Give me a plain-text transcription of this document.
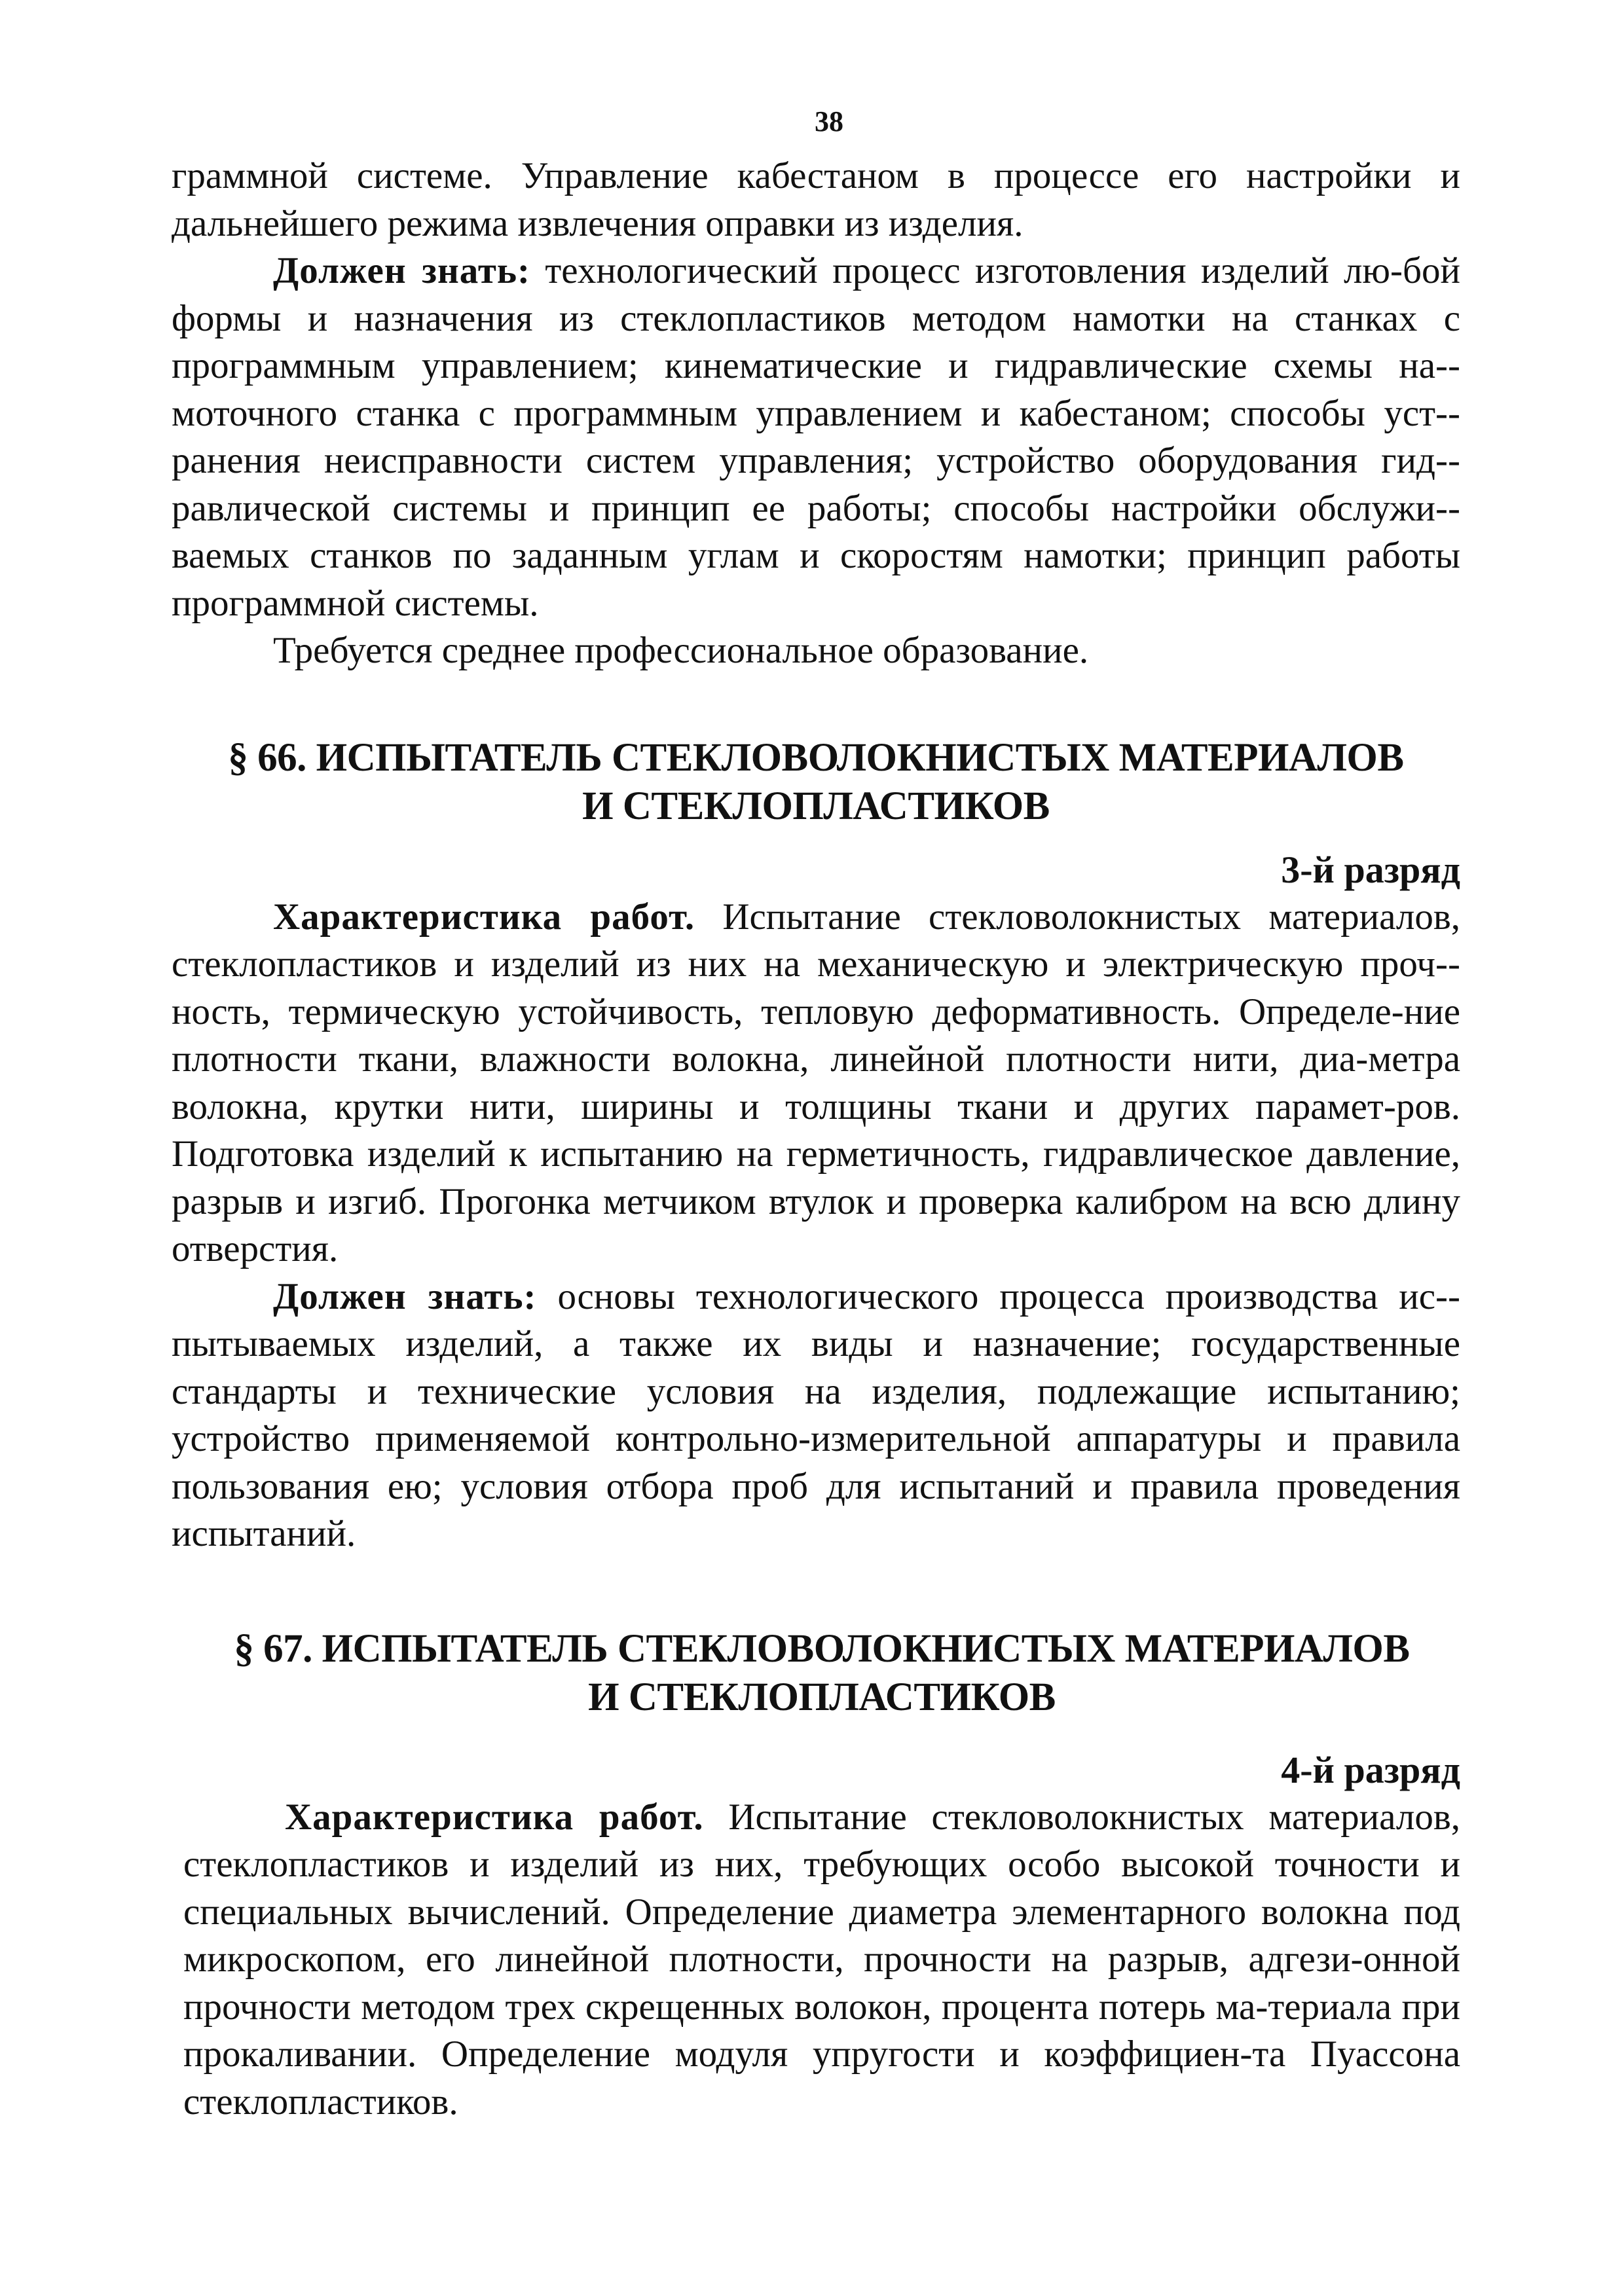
38

граммной системе. Управление кабестаном в процессе его настройки и дальнейшего режима извлечения оправки из изделия.

Должен знать: технологический процесс изготовления изделий лю-бой формы и назначения из стеклопластиков методом намотки на станках с программным управлением; кинематические и гидравлические схемы на-моточного станка с программным управлением и кабестаном; способы уст-ранения неисправности систем управления; устройство оборудования гид-равлической системы и принцип ее работы; способы настройки обслужи-ваемых станков по заданным углам и скоростям намотки; принцип работы программной системы.

Требуется среднее профессиональное образование.

§ 66. ИСПЫТАТЕЛЬ СТЕКЛОВОЛОКНИСТЫХ МАТЕРИАЛОВ
И СТЕКЛОПЛАСТИКОВ
3-й разряд

Характеристика работ. Испытание стекловолокнистых материалов, стеклопластиков и изделий из них на механическую и электрическую проч-ность, термическую устойчивость, тепловую деформативность. Определе-ние плотности ткани, влажности волокна, линейной плотности нити, диа-метра волокна, крутки нити, ширины и толщины ткани и других парамет-ров. Подготовка изделий к испытанию на герметичность, гидравлическое давление, разрыв и изгиб. Прогонка метчиком втулок и проверка калибром на всю длину отверстия.

Должен знать: основы технологического процесса производства ис-пытываемых изделий, а также их виды и назначение; государственные стандарты и технические условия на изделия, подлежащие испытанию; устройство применяемой контрольно-измерительной аппаратуры и правила пользования ею; условия отбора проб для испытаний и правила проведения испытаний.

§ 67. ИСПЫТАТЕЛЬ СТЕКЛОВОЛОКНИСТЫХ МАТЕРИАЛОВ
И СТЕКЛОПЛАСТИКОВ
4-й разряд

Характеристика работ. Испытание стекловолокнистых материалов, стеклопластиков и изделий из них, требующих особо высокой точности и специальных вычислений. Определение диаметра элементарного волокна под микроскопом, его линейной плотности, прочности на разрыв, адгези-онной прочности методом трех скрещенных волокон, процента потерь ма-териала при прокаливании. Определение модуля упругости и коэффициен-та Пуассона стеклопластиков.
